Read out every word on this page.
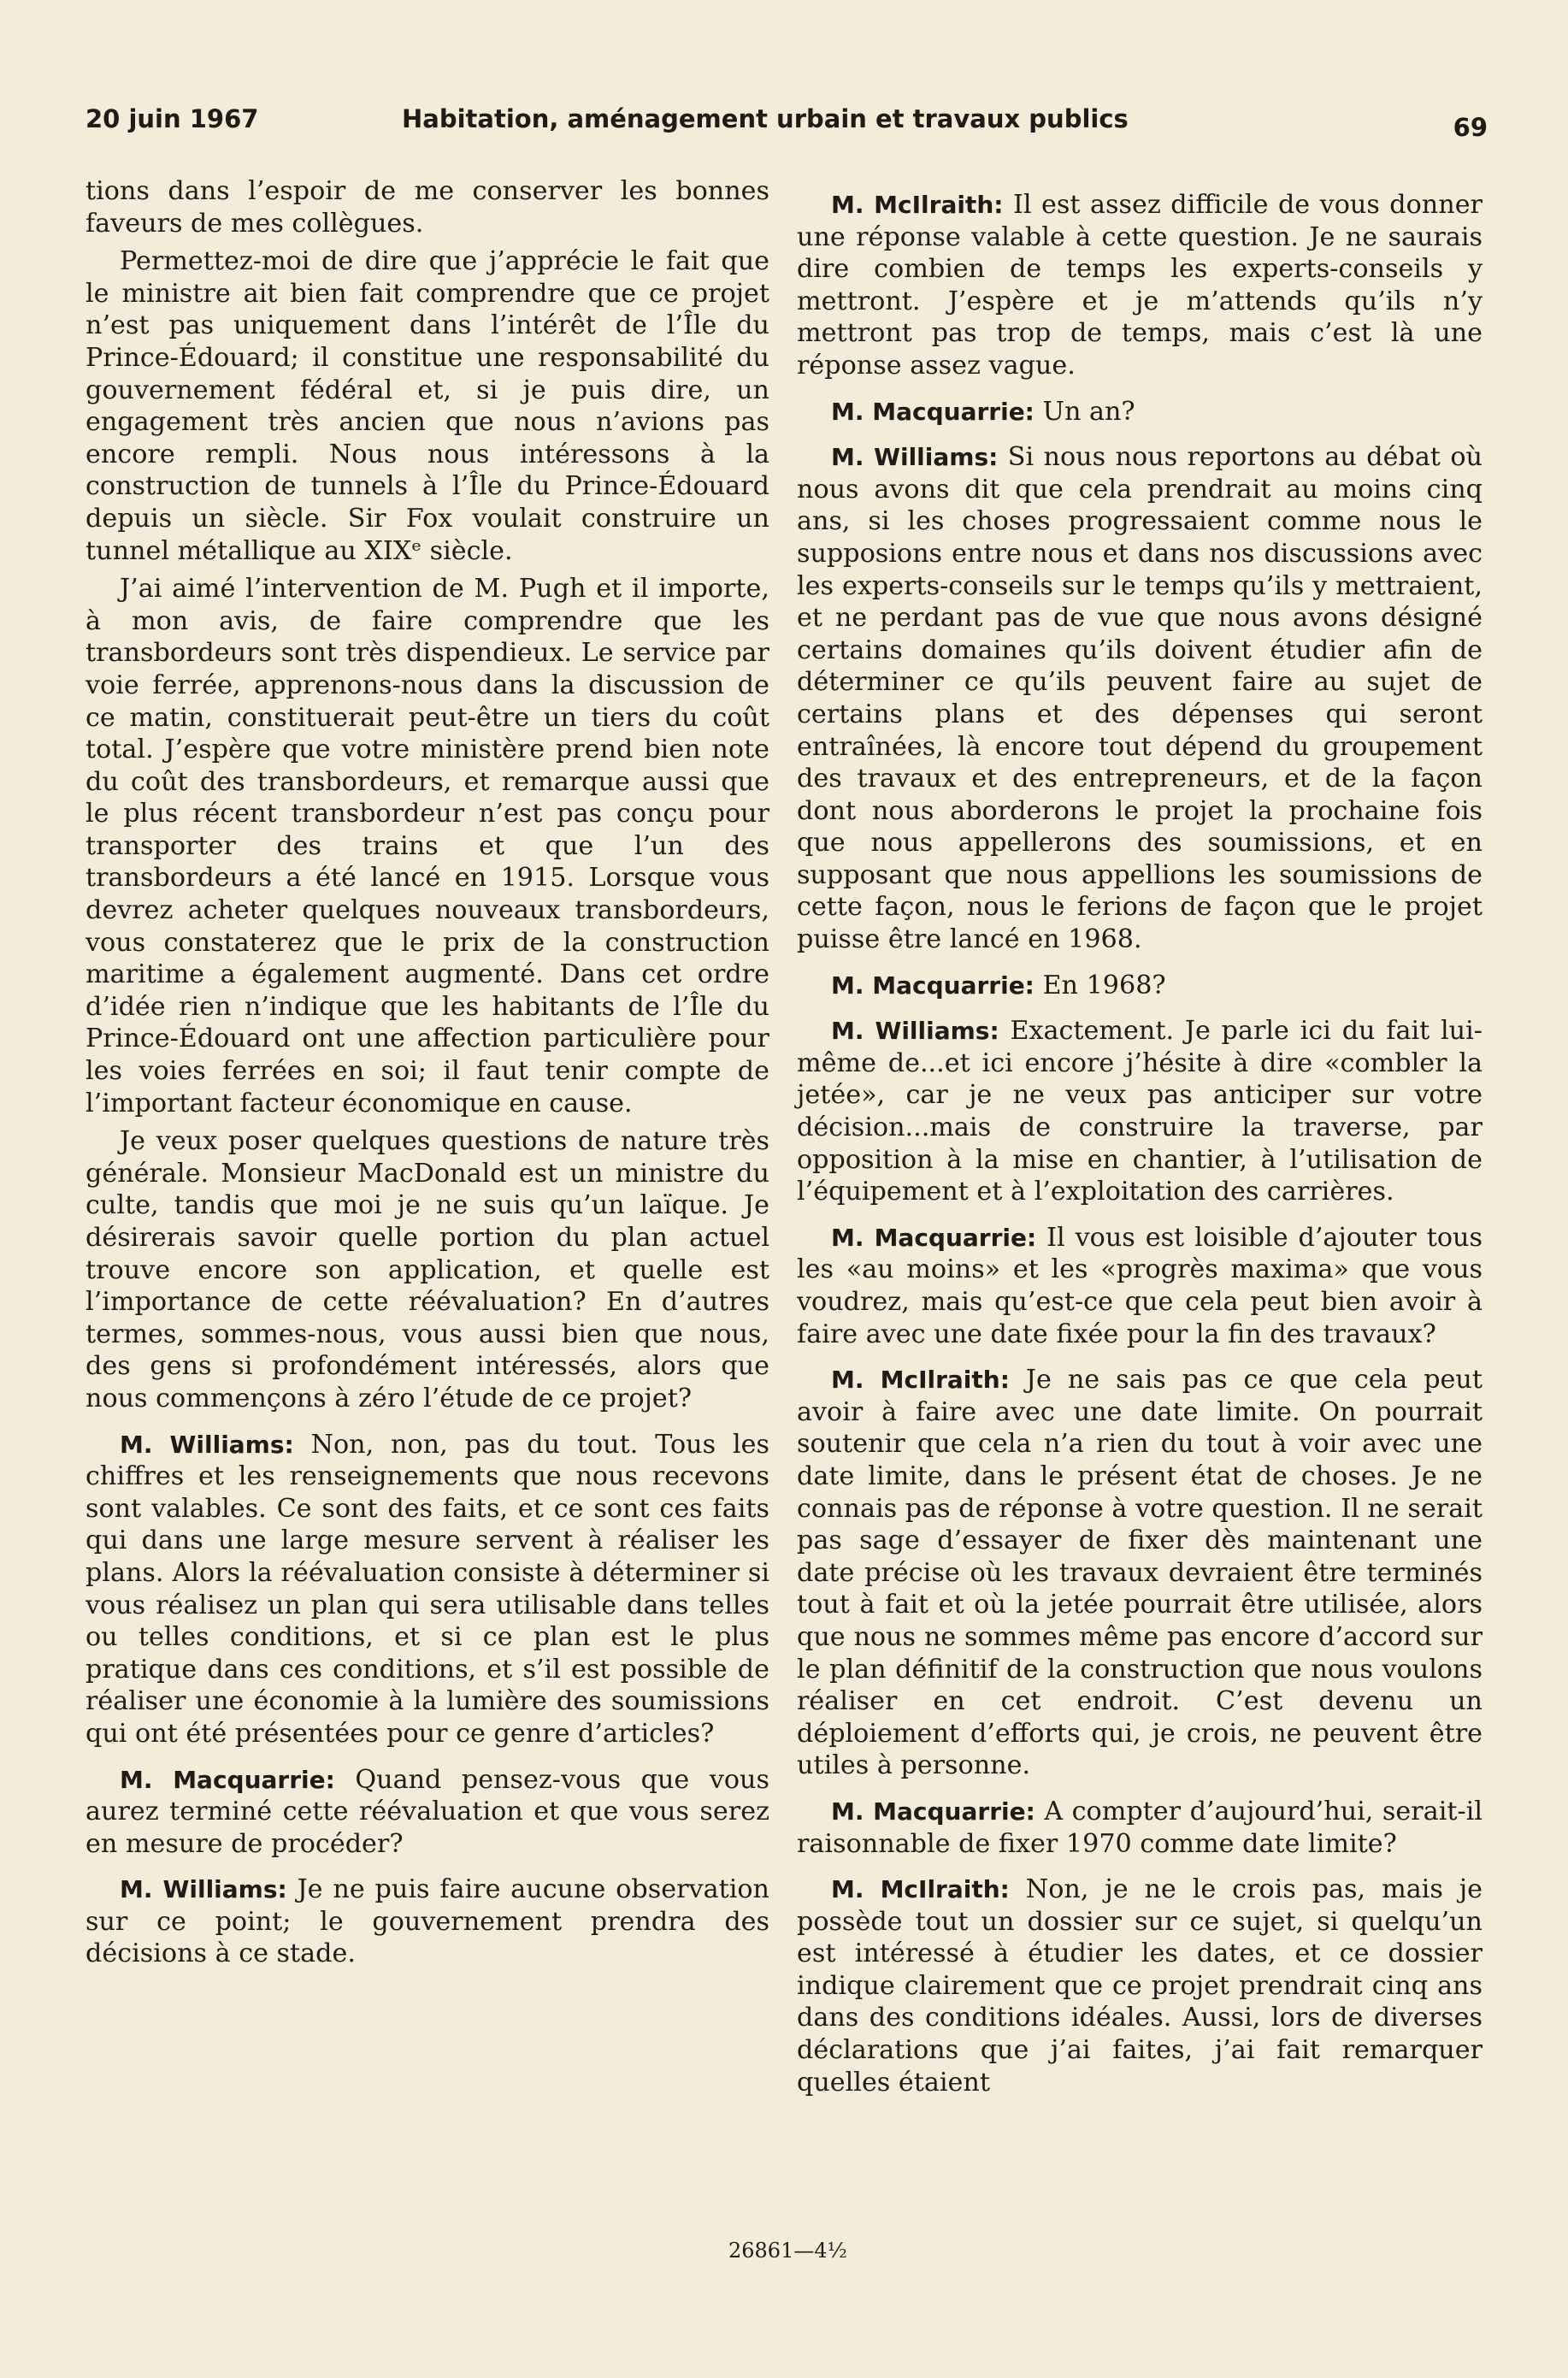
20 juin 1967	Habitation, aménagement urbain et travaux publics	69

tions dans l’espoir de me conserver les bonnes faveurs de mes collègues.

Permettez-moi de dire que j’apprécie le fait que le ministre ait bien fait comprendre que ce projet n’est pas uniquement dans l’intérêt de l’Île du Prince-Édouard; il constitue une responsabilité du gouvernement fédéral et, si je puis dire, un engagement très ancien que nous n’avions pas encore rempli. Nous nous intéressons à la construction de tunnels à l’Île du Prince-Édouard depuis un siècle. Sir Fox voulait construire un tunnel métallique au XIXᵉ siècle.

J’ai aimé l’intervention de M. Pugh et il importe, à mon avis, de faire comprendre que les transbordeurs sont très dispendieux. Le service par voie ferrée, apprenons-nous dans la discussion de ce matin, constituerait peut-être un tiers du coût total. J’espère que votre ministère prend bien note du coût des transbordeurs, et remarque aussi que le plus récent transbordeur n’est pas conçu pour transporter des trains et que l’un des transbordeurs a été lancé en 1915. Lorsque vous devrez acheter quelques nouveaux transbordeurs, vous constaterez que le prix de la construction maritime a également augmenté. Dans cet ordre d’idée rien n’indique que les habitants de l’Île du Prince-Édouard ont une affection particulière pour les voies ferrées en soi; il faut tenir compte de l’important facteur économique en cause.

Je veux poser quelques questions de nature très générale. Monsieur MacDonald est un ministre du culte, tandis que moi je ne suis qu’un laïque. Je désirerais savoir quelle portion du plan actuel trouve encore son application, et quelle est l’importance de cette réévaluation? En d’autres termes, sommes-nous, vous aussi bien que nous, des gens si profondément intéressés, alors que nous commençons à zéro l’étude de ce projet?

M. Williams: Non, non, pas du tout. Tous les chiffres et les renseignements que nous recevons sont valables. Ce sont des faits, et ce sont ces faits qui dans une large mesure servent à réaliser les plans. Alors la réévaluation consiste à déterminer si vous réalisez un plan qui sera utilisable dans telles ou telles conditions, et si ce plan est le plus pratique dans ces conditions, et s’il est possible de réaliser une économie à la lumière des soumissions qui ont été présentées pour ce genre d’articles?

M. Macquarrie: Quand pensez-vous que vous aurez terminé cette réévaluation et que vous serez en mesure de procéder?

M. Williams: Je ne puis faire aucune observation sur ce point; le gouvernement prendra des décisions à ce stade.

M. McIlraith: Il est assez difficile de vous donner une réponse valable à cette question. Je ne saurais dire combien de temps les experts-conseils y mettront. J’espère et je m’attends qu’ils n’y mettront pas trop de temps, mais c’est là une réponse assez vague.

M. Macquarrie: Un an?

M. Williams: Si nous nous reportons au débat où nous avons dit que cela prendrait au moins cinq ans, si les choses progressaient comme nous le supposions entre nous et dans nos discussions avec les experts-conseils sur le temps qu’ils y mettraient, et ne perdant pas de vue que nous avons désigné certains domaines qu’ils doivent étudier afin de déterminer ce qu’ils peuvent faire au sujet de certains plans et des dépenses qui seront entraînées, là encore tout dépend du groupement des travaux et des entrepreneurs, et de la façon dont nous aborderons le projet la prochaine fois que nous appellerons des soumissions, et en supposant que nous appellions les soumissions de cette façon, nous le ferions de façon que le projet puisse être lancé en 1968.

M. Macquarrie: En 1968?

M. Williams: Exactement. Je parle ici du fait lui-même de...et ici encore j’hésite à dire «combler la jetée», car je ne veux pas anticiper sur votre décision...mais de construire la traverse, par opposition à la mise en chantier, à l’utilisation de l’équipement et à l’exploitation des carrières.

M. Macquarrie: Il vous est loisible d’ajouter tous les «au moins» et les «progrès maxima» que vous voudrez, mais qu’est-ce que cela peut bien avoir à faire avec une date fixée pour la fin des travaux?

M. McIlraith: Je ne sais pas ce que cela peut avoir à faire avec une date limite. On pourrait soutenir que cela n’a rien du tout à voir avec une date limite, dans le présent état de choses. Je ne connais pas de réponse à votre question. Il ne serait pas sage d’essayer de fixer dès maintenant une date précise où les travaux devraient être terminés tout à fait et où la jetée pourrait être utilisée, alors que nous ne sommes même pas encore d’accord sur le plan définitif de la construction que nous voulons réaliser en cet endroit. C’est devenu un déploiement d’efforts qui, je crois, ne peuvent être utiles à personne.

M. Macquarrie: A compter d’aujourd’hui, serait-il raisonnable de fixer 1970 comme date limite?

M. McIlraith: Non, je ne le crois pas, mais je possède tout un dossier sur ce sujet, si quelqu’un est intéressé à étudier les dates, et ce dossier indique clairement que ce projet prendrait cinq ans dans des conditions idéales. Aussi, lors de diverses déclarations que j’ai faites, j’ai fait remarquer quelles étaient

26861—4½
